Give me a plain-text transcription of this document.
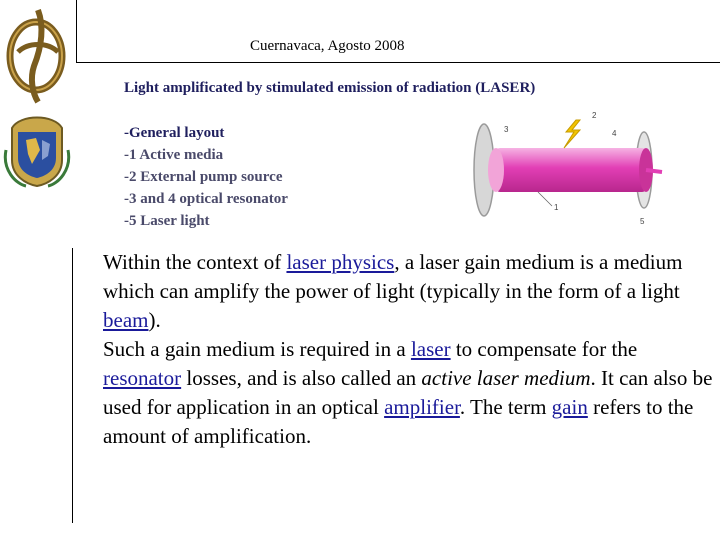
Cuernavaca, Agosto 2008
Light amplificated by stimulated emission of radiation (LASER)
-General layout
-1 Active media
-2 External pump source
-3 and 4 optical resonator
-5 Laser light
2
3	4
1
5
Within the context of laser physics, a laser gain medium is a medium which can amplify the power of light (typically in the form of a light beam).
Such a gain medium is required in a laser to compensate for the resonator losses, and is also called an active laser medium. It can also be used for application in an optical amplifier. The term gain refers to the amount of amplification.
